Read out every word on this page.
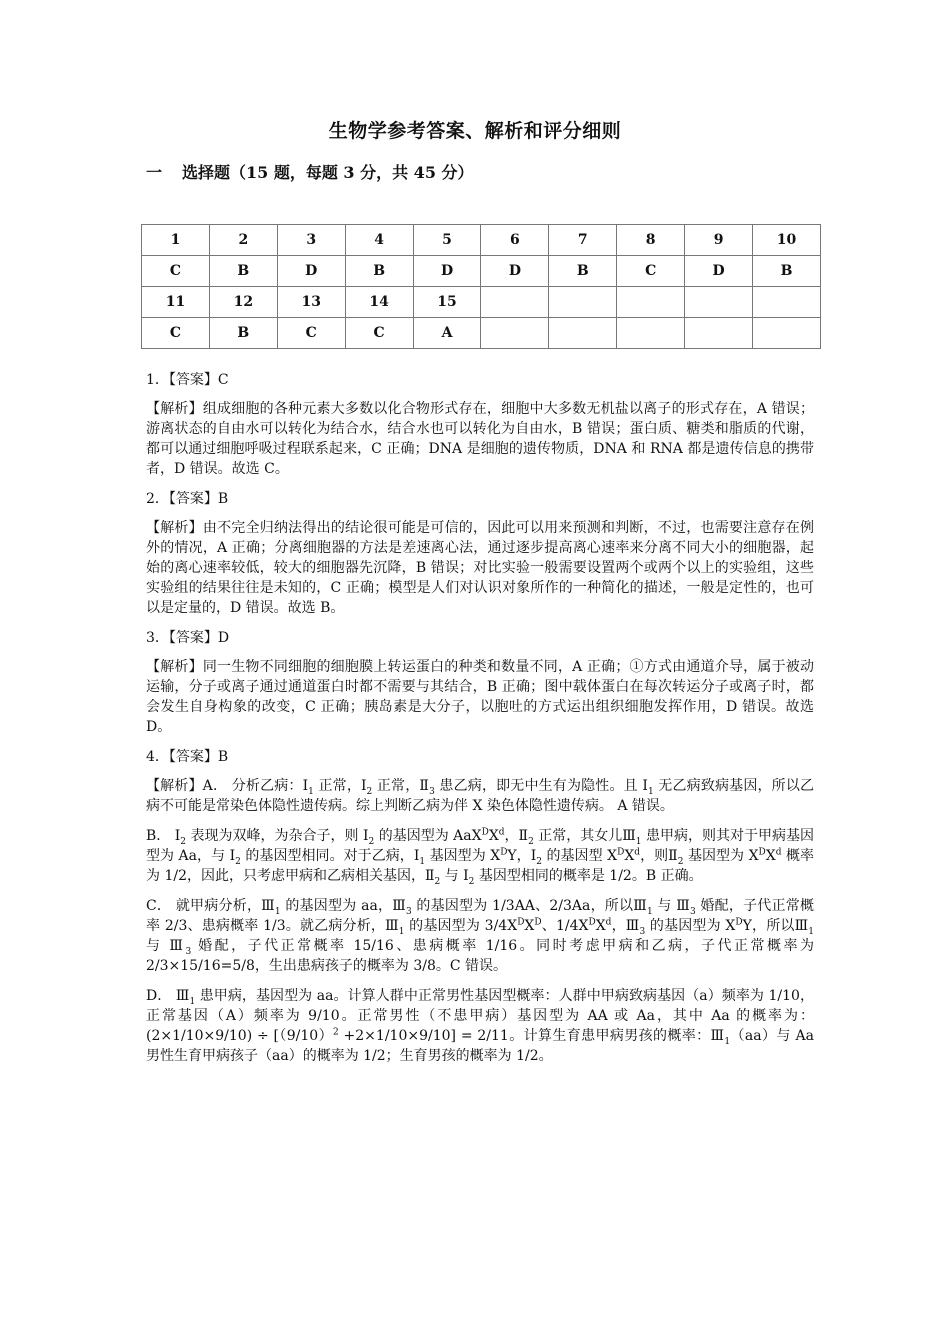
生物学参考答案、解析和评分细则
一 选择题（15 题，每题 3 分，共 45 分）
1	2	3	4	5	6	7	8	9	10
C	B	D	B	D	D	B	C	D	B
11	12	13	14	15					
C	B	C	C	A					

1．【答案】C

【解析】组成细胞的各种元素大多数以化合物形式存在，细胞中大多数无机盐以离子的形式存在，A 错误；游离状态的自由水可以转化为结合水，结合水也可以转化为自由水，B 错误；蛋白质、糖类和脂质的代谢，都可以通过细胞呼吸过程联系起来，C 正确；DNA 是细胞的遗传物质，DNA 和 RNA 都是遗传信息的携带者，D 错误。故选 C。

2．【答案】B

【解析】由不完全归纳法得出的结论很可能是可信的，因此可以用来预测和判断，不过，也需要注意存在例外的情况，A 正确；分离细胞器的方法是差速离心法，通过逐步提高离心速率来分离不同大小的细胞器，起始的离心速率较低，较大的细胞器先沉降，B 错误；对比实验一般需要设置两个或两个以上的实验组，这些实验组的结果往往是未知的，C 正确；模型是人们对认识对象所作的一种简化的描述，一般是定性的，也可以是定量的，D 错误。故选 B。

3．【答案】D

【解析】同一生物不同细胞的细胞膜上转运蛋白的种类和数量不同，A 正确；①方式由通道介导，属于被动运输，分子或离子通过通道蛋白时都不需要与其结合，B 正确；图中载体蛋白在每次转运分子或离子时，都会发生自身构象的改变，C 正确；胰岛素是大分子，以胞吐的方式运出组织细胞发挥作用，D 错误。故选 D。

4．【答案】B

【解析】A． 分析乙病：$I_1$ 正常，$I_2$ 正常，$Ⅱ_3$ 患乙病，即无中生有为隐性。且 $I_1$ 无乙病致病基因，所以乙病不可能是常染色体隐性遗传病。综上判断乙病为伴 X 染色体隐性遗传病。 A 错误。

B． $I_2$ 表现为双峰，为杂合子，则 $I_2$ 的基因型为 $AaX^DX^d$，$Ⅱ_2$ 正常，其女儿$Ⅲ_1$ 患甲病，则其对于甲病基因型为 Aa，与 $I_2$ 的基因型相同。对于乙病，$I_1$ 基因型为 $X^DY$，$I_2$ 的基因型 $X^DX^d$，则$Ⅱ_2$ 基因型为 $X^DX^d$ 概率为 1/2，因此，只考虑甲病和乙病相关基因，$Ⅱ_2$ 与 $I_2$ 基因型相同的概率是 1/2。B 正确。

C． 就甲病分析，$Ⅲ_1$ 的基因型为 aa，$Ⅲ_3$ 的基因型为 1/3AA、2/3Aa，所以$Ⅲ_1$ 与 $Ⅲ_3$ 婚配，子代正常概率 2/3、患病概率 1/3。就乙病分析，$Ⅲ_1$ 的基因型为 $3/4X^DX^D$、$1/4X^DX^d$，$Ⅲ_3$ 的基因型为 $X^DY$，所以$Ⅲ_1$ 与 $Ⅲ_3$ 婚配，子代正常概率 15/16、患病概率 1/16。同时考虑甲病和乙病，子代正常概率为 2/3×15/16=5/8，生出患病孩子的概率为 3/8。C 错误。

D． $Ⅲ_1$ 患甲病，基因型为 aa。计算人群中正常男性基因型概率：人群中甲病致病基因（a）频率为 1/10，正常基因（A）频率为 9/10。正常男性（不患甲病）基因型为 AA 或 Aa，其中 Aa 的概率为：$(2\times 1/10\times 9/10) \div [(9/10)^2 +2\times 1/10\times 9/10] = 2/11$。计算生育患甲病男孩的概率：$Ⅲ_1(aa)$与 Aa 男性生育甲病孩子（aa）的概率为 1/2；生育男孩的概率为 1/2。
